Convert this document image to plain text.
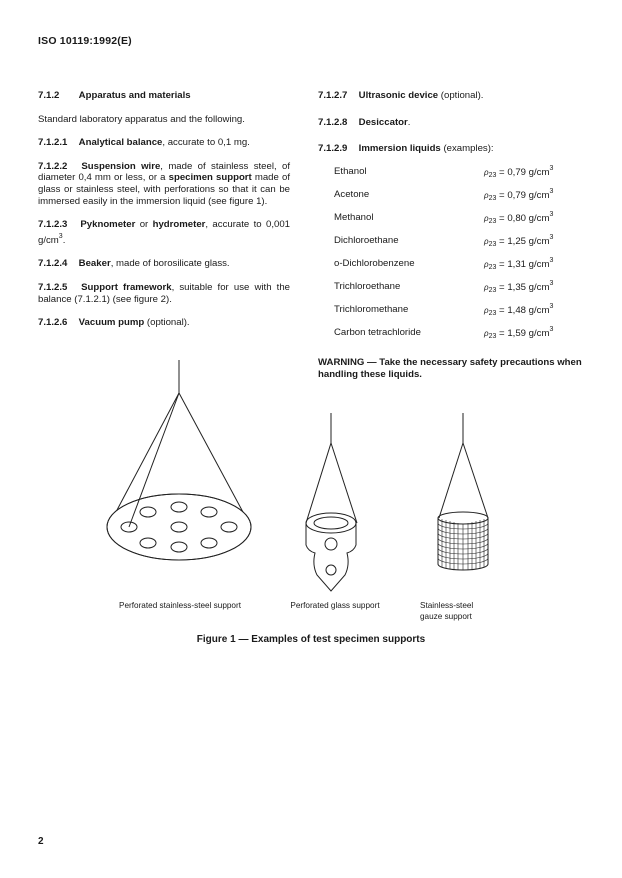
ISO 10119:1992(E)

7.1.2 Apparatus and materials

Standard laboratory apparatus and the following.

7.1.2.1 Analytical balance, accurate to 0,1 mg.

7.1.2.2 Suspension wire, made of stainless steel, of diameter 0,4 mm or less, or a specimen support made of glass or stainless steel, with perforations so that it can be immersed easily in the immersion liquid (see figure 1).

7.1.2.3 Pyknometer or hydrometer, accurate to 0,001 $g/cm^3$.

7.1.2.4 Beaker, made of borosilicate glass.

7.1.2.5 Support framework, suitable for use with the balance (7.1.2.1) (see figure 2).

7.1.2.6 Vacuum pump (optional).

7.1.2.7 Ultrasonic device (optional).

7.1.2.8 Desiccator.

7.1.2.9 Immersion liquids (examples):

Ethanol	$\rho_{23} = 0,79$ $g/cm^3$
Acetone	$\rho_{23} = 0,79$ $g/cm^3$
Methanol	$\rho_{23} = 0,80$ $g/cm^3$
Dichloroethane	$\rho_{23} = 1,25$ $g/cm^3$
o-Dichlorobenzene	$\rho_{23} = 1,31$ $g/cm^3$
Trichloroethane	$\rho_{23} = 1,35$ $g/cm^3$
Trichloromethane	$\rho_{23} = 1,48$ $g/cm^3$
Carbon tetrachloride	$\rho_{23} = 1,59$ $g/cm^3$

WARNING — Take the necessary safety precautions when handling these liquids.

Perforated stainless-steel support	Perforated glass support	Stainless-steel
gauze support
Figure 1 — Examples of test specimen supports
2
